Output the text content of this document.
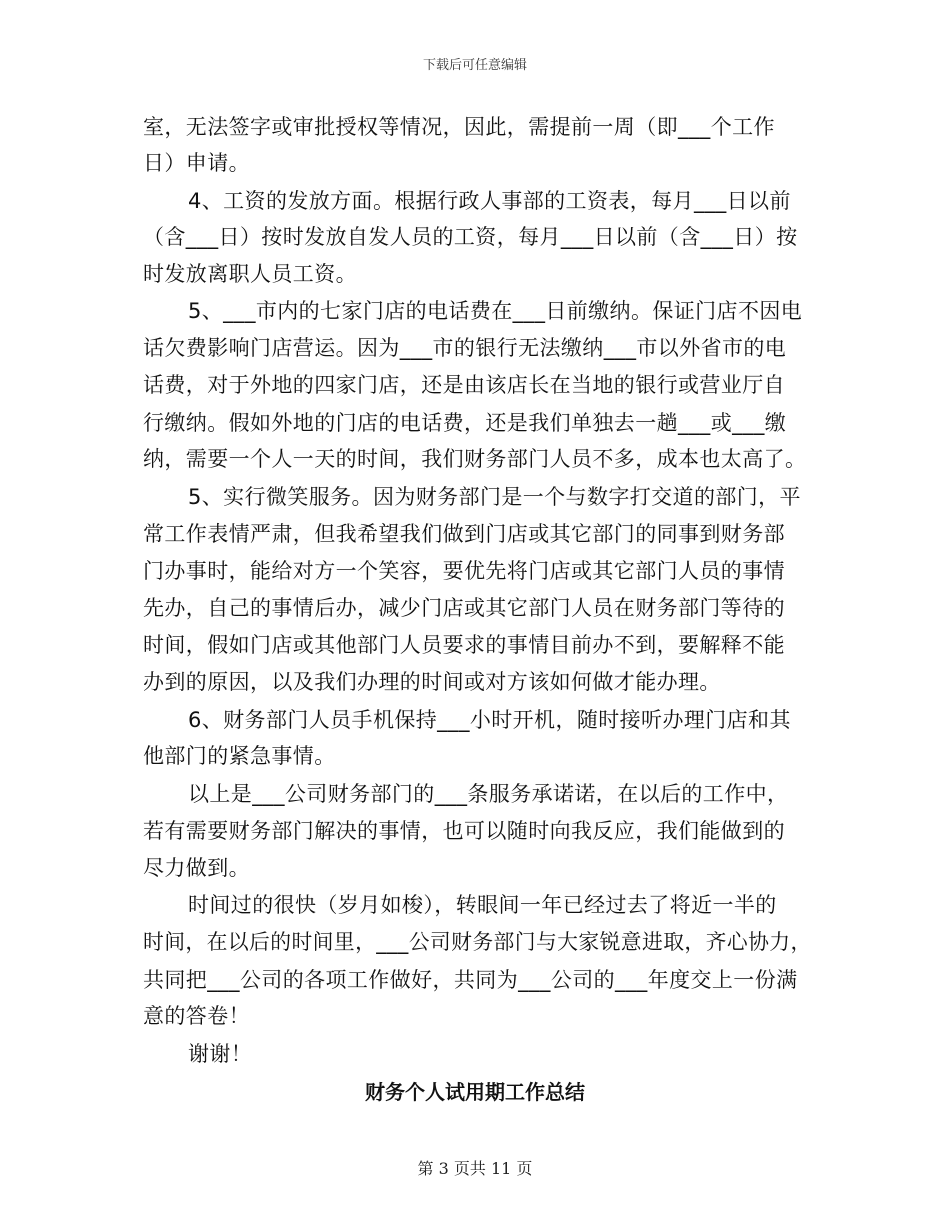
下载后可任意编辑
室，无法签字或审批授权等情况，因此，需提前一周（即___个工作
日）申请。
4、工资的发放方面。根据行政人事部的工资表，每月___日以前
（含___日）按时发放自发人员的工资，每月___日以前（含___日）按
时发放离职人员工资。
5、___市内的七家门店的电话费在___日前缴纳。保证门店不因电
话欠费影响门店营运。因为___市的银行无法缴纳___市以外省市的电
话费，对于外地的四家门店，还是由该店长在当地的银行或营业厅自
行缴纳。假如外地的门店的电话费，还是我们单独去一趟___或___缴
纳，需要一个人一天的时间，我们财务部门人员不多，成本也太高了。
5、实行微笑服务。因为财务部门是一个与数字打交道的部门，平
常工作表情严肃，但我希望我们做到门店或其它部门的同事到财务部
门办事时，能给对方一个笑容，要优先将门店或其它部门人员的事情
先办，自己的事情后办，减少门店或其它部门人员在财务部门等待的
时间，假如门店或其他部门人员要求的事情目前办不到，要解释不能
办到的原因，以及我们办理的时间或对方该如何做才能办理。
6、财务部门人员手机保持___小时开机，随时接听办理门店和其
他部门的紧急事情。
以上是___公司财务部门的___条服务承诺诺，在以后的工作中，
若有需要财务部门解决的事情，也可以随时向我反应，我们能做到的
尽力做到。
时间过的很快（岁月如梭），转眼间一年已经过去了将近一半的
时间，在以后的时间里，___公司财务部门与大家锐意进取，齐心协力，
共同把___公司的各项工作做好，共同为___公司的___年度交上一份满
意的答卷！
谢谢！
财务个人试用期工作总结
第 3 页共 11 页
